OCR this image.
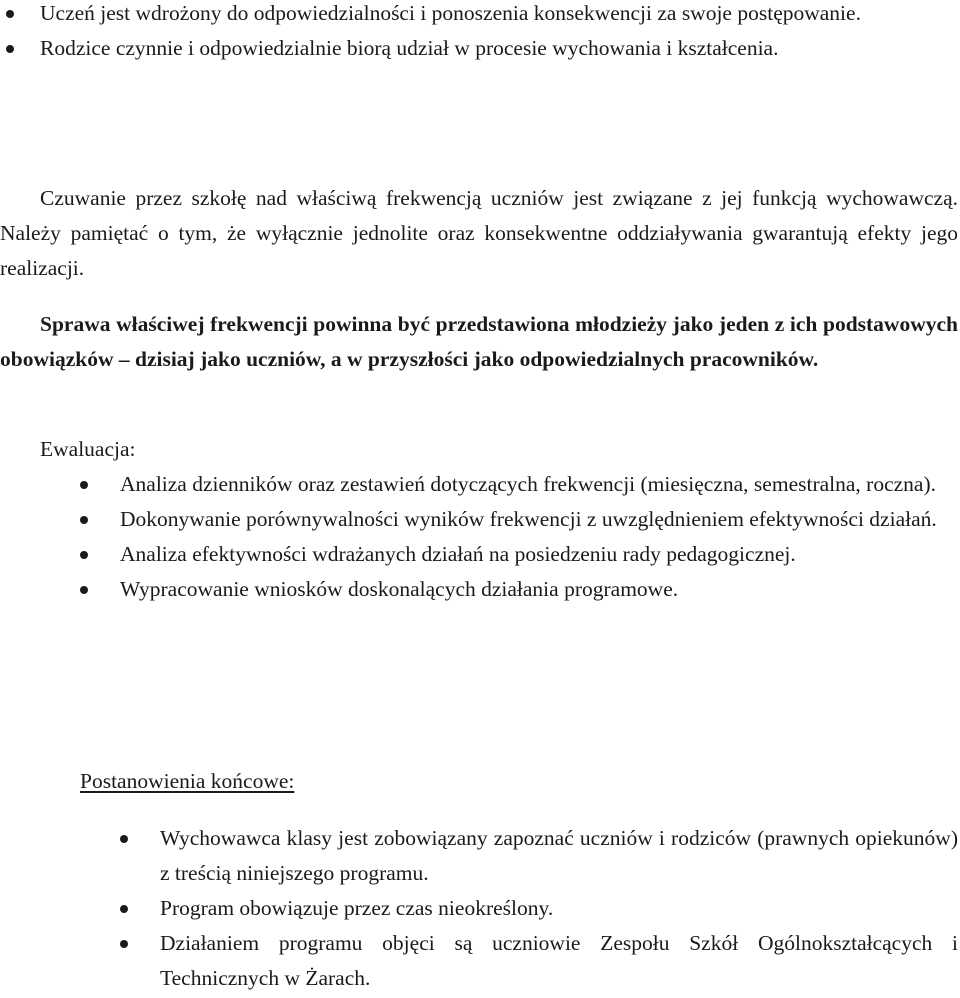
Uczeń jest wdrożony do odpowiedzialności i ponoszenia konsekwencji za swoje postępowanie.
Rodzice czynnie i odpowiedzialnie biorą udział w procesie wychowania i kształcenia.

Czuwanie przez szkołę nad właściwą frekwencją uczniów jest związane z jej funkcją wychowawczą. Należy pamiętać o tym, że wyłącznie jednolite oraz konsekwentne oddziaływania gwarantują efekty jego realizacji.

Sprawa właściwej frekwencji powinna być przedstawiona młodzieży jako jeden z ich podstawowych obowiązków – dzisiaj jako uczniów, a w przyszłości jako odpowiedzialnych pracowników.

Ewaluacja:
Analiza dzienników oraz zestawień dotyczących frekwencji (miesięczna, semestralna, roczna).
Dokonywanie porównywalności wyników frekwencji z uwzględnieniem efektywności działań.
Analiza efektywności wdrażanych działań na posiedzeniu rady pedagogicznej.
Wypracowanie wniosków doskonalących działania programowe.
Postanowienia końcowe:
Wychowawca klasy jest zobowiązany zapoznać uczniów i rodziców (prawnych opiekunów) z treścią niniejszego programu.
Program obowiązuje przez czas nieokreślony.
Działaniem programu objęci są uczniowie Zespołu Szkół Ogólnokształcących i Technicznych w Żarach.
